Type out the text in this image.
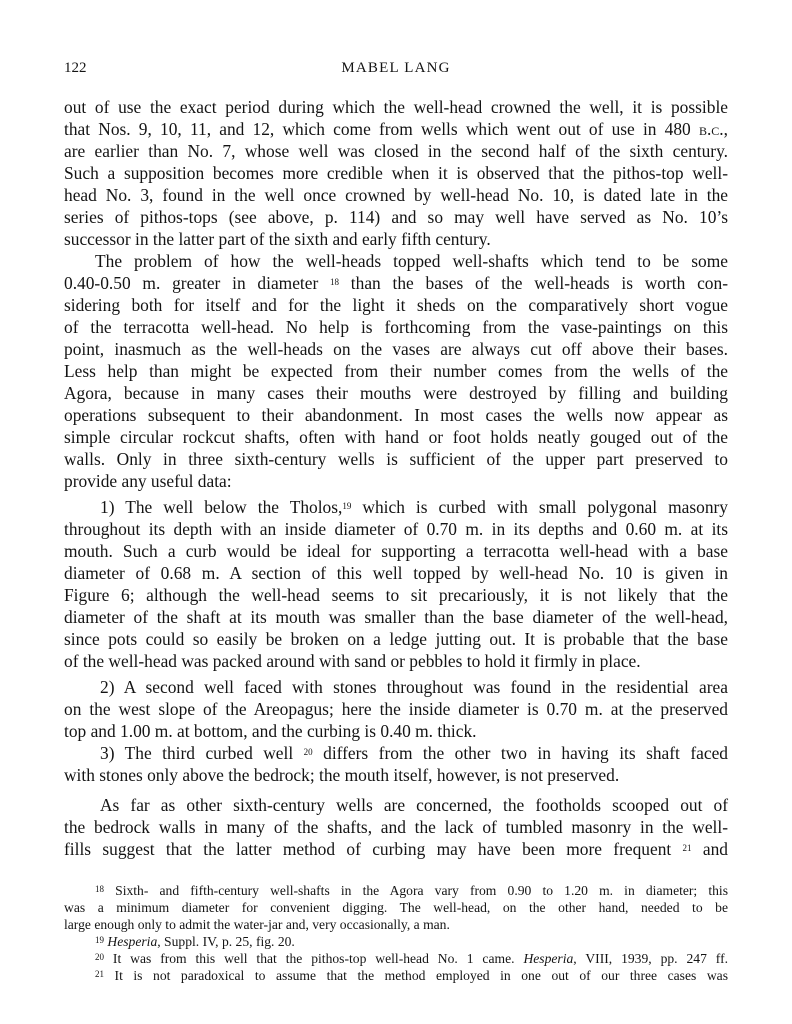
122	MABEL LANG
out of use the exact period during which the well-head crowned the well, it is possible
that Nos. 9, 10, 11, and 12, which come from wells which went out of use in 480 b.c.,
are earlier than No. 7, whose well was closed in the second half of the sixth century.
Such a supposition becomes more credible when it is observed that the pithos-top well-
head No. 3, found in the well once crowned by well-head No. 10, is dated late in the
series of pithos-tops (see above, p. 114) and so may well have served as No. 10’s
successor in the latter part of the sixth and early fifth century.
The problem of how the well-heads topped well-shafts which tend to be some
0.40-0.50 m. greater in diameter $^{18}$ than the bases of the well-heads is worth con-
sidering both for itself and for the light it sheds on the comparatively short vogue
of the terracotta well-head. No help is forthcoming from the vase-paintings on this
point, inasmuch as the well-heads on the vases are always cut off above their bases.
Less help than might be expected from their number comes from the wells of the
Agora, because in many cases their mouths were destroyed by filling and building
operations subsequent to their abandonment. In most cases the wells now appear as
simple circular rockcut shafts, often with hand or foot holds neatly gouged out of the
walls. Only in three sixth-century wells is sufficient of the upper part preserved to
provide any useful data:
1) The well below the Tholos,$^{19}$ which is curbed with small polygonal masonry
throughout its depth with an inside diameter of 0.70 m. in its depths and 0.60 m. at its
mouth. Such a curb would be ideal for supporting a terracotta well-head with a base
diameter of 0.68 m. A section of this well topped by well-head No. 10 is given in
Figure 6; although the well-head seems to sit precariously, it is not likely that the
diameter of the shaft at its mouth was smaller than the base diameter of the well-head,
since pots could so easily be broken on a ledge jutting out. It is probable that the base
of the well-head was packed around with sand or pebbles to hold it firmly in place.
2) A second well faced with stones throughout was found in the residential area
on the west slope of the Areopagus; here the inside diameter is 0.70 m. at the preserved
top and 1.00 m. at bottom, and the curbing is 0.40 m. thick.
3) The third curbed well $^{20}$ differs from the other two in having its shaft faced
with stones only above the bedrock; the mouth itself, however, is not preserved.
As far as other sixth-century wells are concerned, the footholds scooped out of
the bedrock walls in many of the shafts, and the lack of tumbled masonry in the well-
fills suggest that the latter method of curbing may have been more frequent $^{21}$ and
$^{18}$ Sixth- and fifth-century well-shafts in the Agora vary from 0.90 to 1.20 m. in diameter; this
was a minimum diameter for convenient digging. The well-head, on the other hand, needed to be
large enough only to admit the water-jar and, very occasionally, a man.
$^{19}$ Hesperia, Suppl. IV, p. 25, fig. 20.
$^{20}$ It was from this well that the pithos-top well-head No. 1 came. Hesperia, VIII, 1939, pp. 247 ff.
$^{21}$ It is not paradoxical to assume that the method employed in one out of our three cases was
